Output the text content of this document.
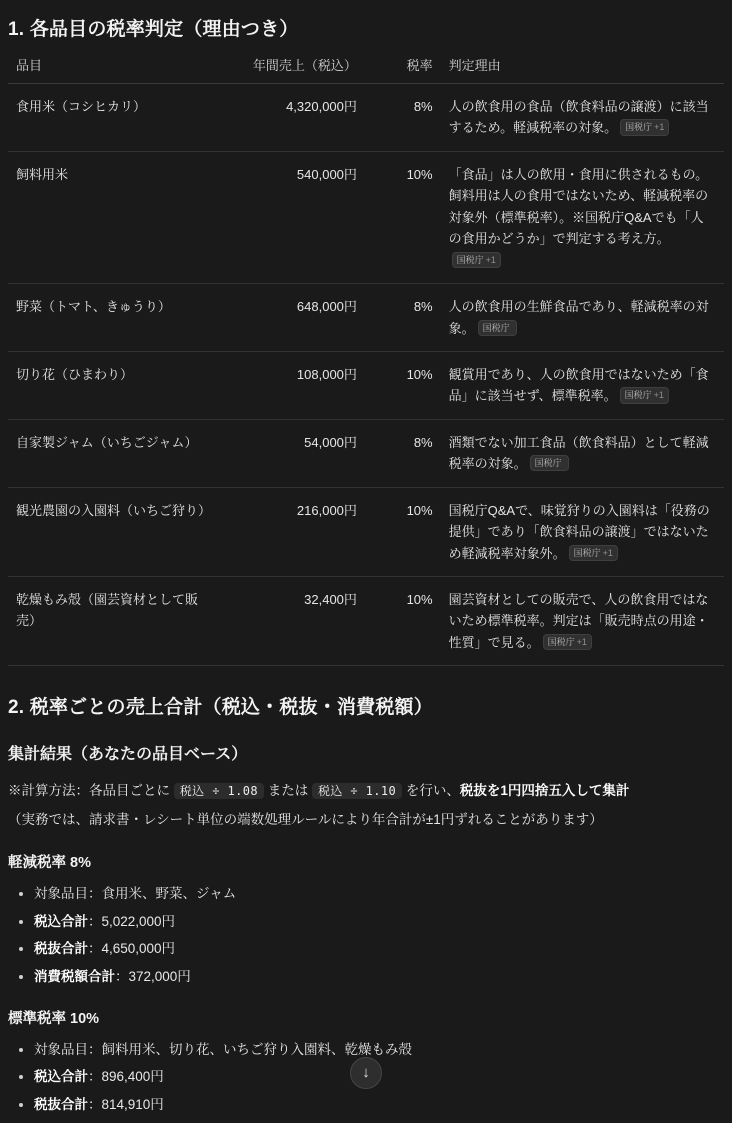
1. 各品目の税率判定（理由つき）
品目	年間売上（税込）	税率	判定理由
食用米（コシヒカリ）	4,320,000円	8%	人の飲食用の食品（飲食料品の譲渡）に該当するため。軽減税率の対象。 国税庁 +1
飼料用米	540,000円	10%	「食品」は人の飲用・食用に供されるもの。飼料用は人の食用ではないため、軽減税率の対象外（標準税率）。※国税庁Q&Aでも「人の食用かどうか」で判定する考え方。国税庁 +1
野菜（トマト、きゅうり）	648,000円	8%	人の飲食用の生鮮食品であり、軽減税率の対象。 国税庁
切り花（ひまわり）	108,000円	10%	観賞用であり、人の飲食用ではないため「食品」に該当せず、標準税率。 国税庁 +1
自家製ジャム（いちごジャム）	54,000円	8%	酒類でない加工食品（飲食料品）として軽減税率の対象。 国税庁
観光農園の入園料（いちご狩り）	216,000円	10%	国税庁Q&Aで、味覚狩りの入園料は「役務の提供」であり「飲食料品の譲渡」ではないため軽減税率対象外。 国税庁 +1
乾燥もみ殻（園芸資材として販売）	32,400円	10%	園芸資材としての販売で、人の飲食用ではないため標準税率。判定は「販売時点の用途・性質」で見る。 国税庁 +1
2. 税率ごとの売上合計（税込・税抜・消費税額）
集計結果（あなたの品目ベース）

※計算方法：各品目ごとに 税込 ÷ 1.08 または 税込 ÷ 1.10 を行い、税抜を1円四捨五入して集計

（実務では、請求書・レシート単位の端数処理ルールにより年合計が±1円ずれることがあります）

軽減税率 8%
• 対象品目：食用米、野菜、ジャム
• 税込合計：5,022,000円
• 税抜合計：4,650,000円
• 消費税額合計：372,000円
標準税率 10%
• 対象品目：飼料用米、切り花、いちご狩り入園料、乾燥もみ殻
• 税込合計：896,400円
• 税抜合計：814,910円
↓
